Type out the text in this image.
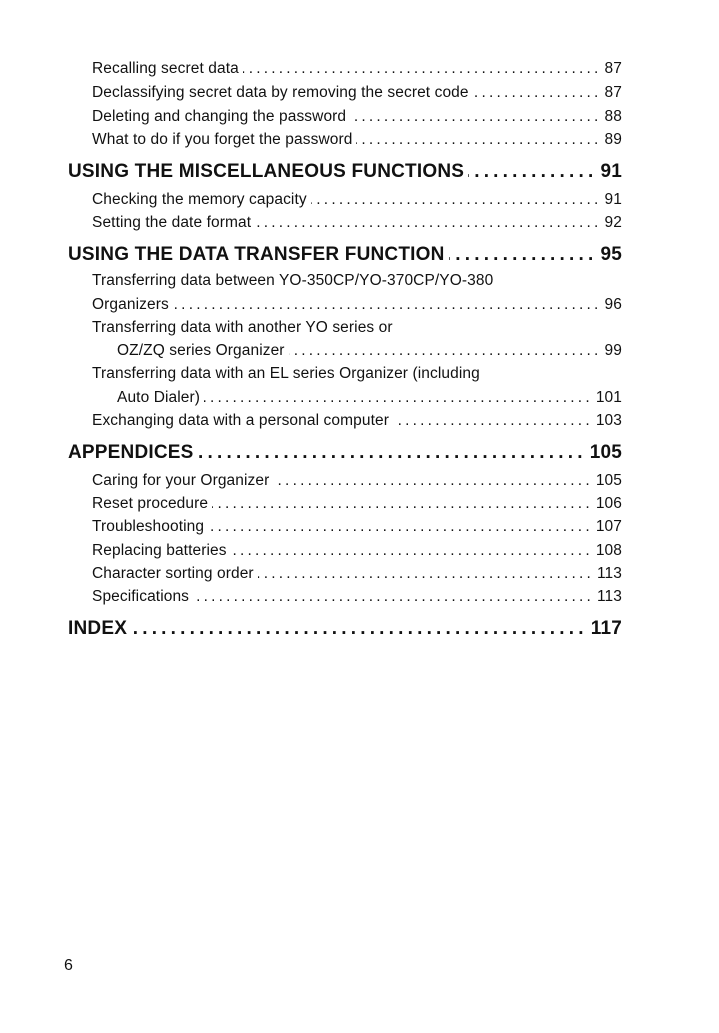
Recalling secret data .....	87
Declassifying secret data by removing the secret code .....	87
Deleting and changing the password .....	88
What to do if you forget the password .....	89
USING THE MISCELLANEOUS FUNCTIONS .....	91
Checking the memory capacity .....	91
Setting the date format .....	92
USING THE DATA TRANSFER FUNCTION .....	95
Transferring data between YO-350CP/YO-370CP/YO-380
Organizers .....	96
Transferring data with another YO series or
OZ/ZQ series Organizer .....	99
Transferring data with an EL series Organizer (including
Auto Dialer) .....	101
Exchanging data with a personal computer .....	103
APPENDICES .....	105
Caring for your Organizer .....	105
Reset procedure .....	106
Troubleshooting .....	107
Replacing batteries .....	108
Character sorting order .....	113
Specifications .....	113
INDEX .....	117
6
